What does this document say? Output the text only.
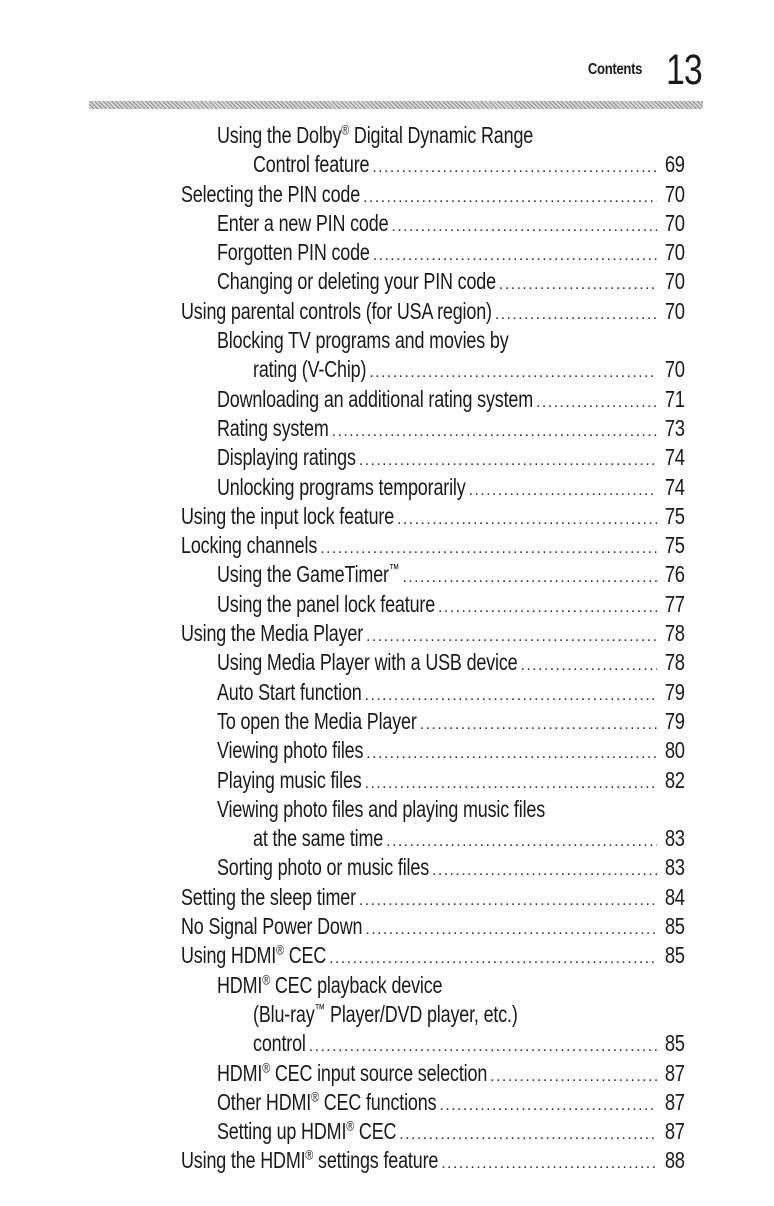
Contents 13
Using the Dolby® Digital Dynamic Range
Control feature .....	69
Selecting the PIN code .....	70
Enter a new PIN code .....	70
Forgotten PIN code .....	70
Changing or deleting your PIN code .....	70
Using parental controls (for USA region) .....	70
Blocking TV programs and movies by
rating (V-Chip) .....	70
Downloading an additional rating system .....	71
Rating system .....	73
Displaying ratings .....	74
Unlocking programs temporarily .....	74
Using the input lock feature .....	75
Locking channels .....	75
Using the GameTimer™ .....	76
Using the panel lock feature .....	77
Using the Media Player .....	78
Using Media Player with a USB device .....	78
Auto Start function .....	79
To open the Media Player .....	79
Viewing photo files .....	80
Playing music files .....	82
Viewing photo files and playing music files
at the same time .....	83
Sorting photo or music files .....	83
Setting the sleep timer .....	84
No Signal Power Down .....	85
Using HDMI® CEC .....	85
HDMI® CEC playback device
(Blu-ray™ Player/DVD player, etc.)
control .....	85
HDMI® CEC input source selection .....	87
Other HDMI® CEC functions .....	87
Setting up HDMI® CEC .....	87
Using the HDMI® settings feature .....	88
